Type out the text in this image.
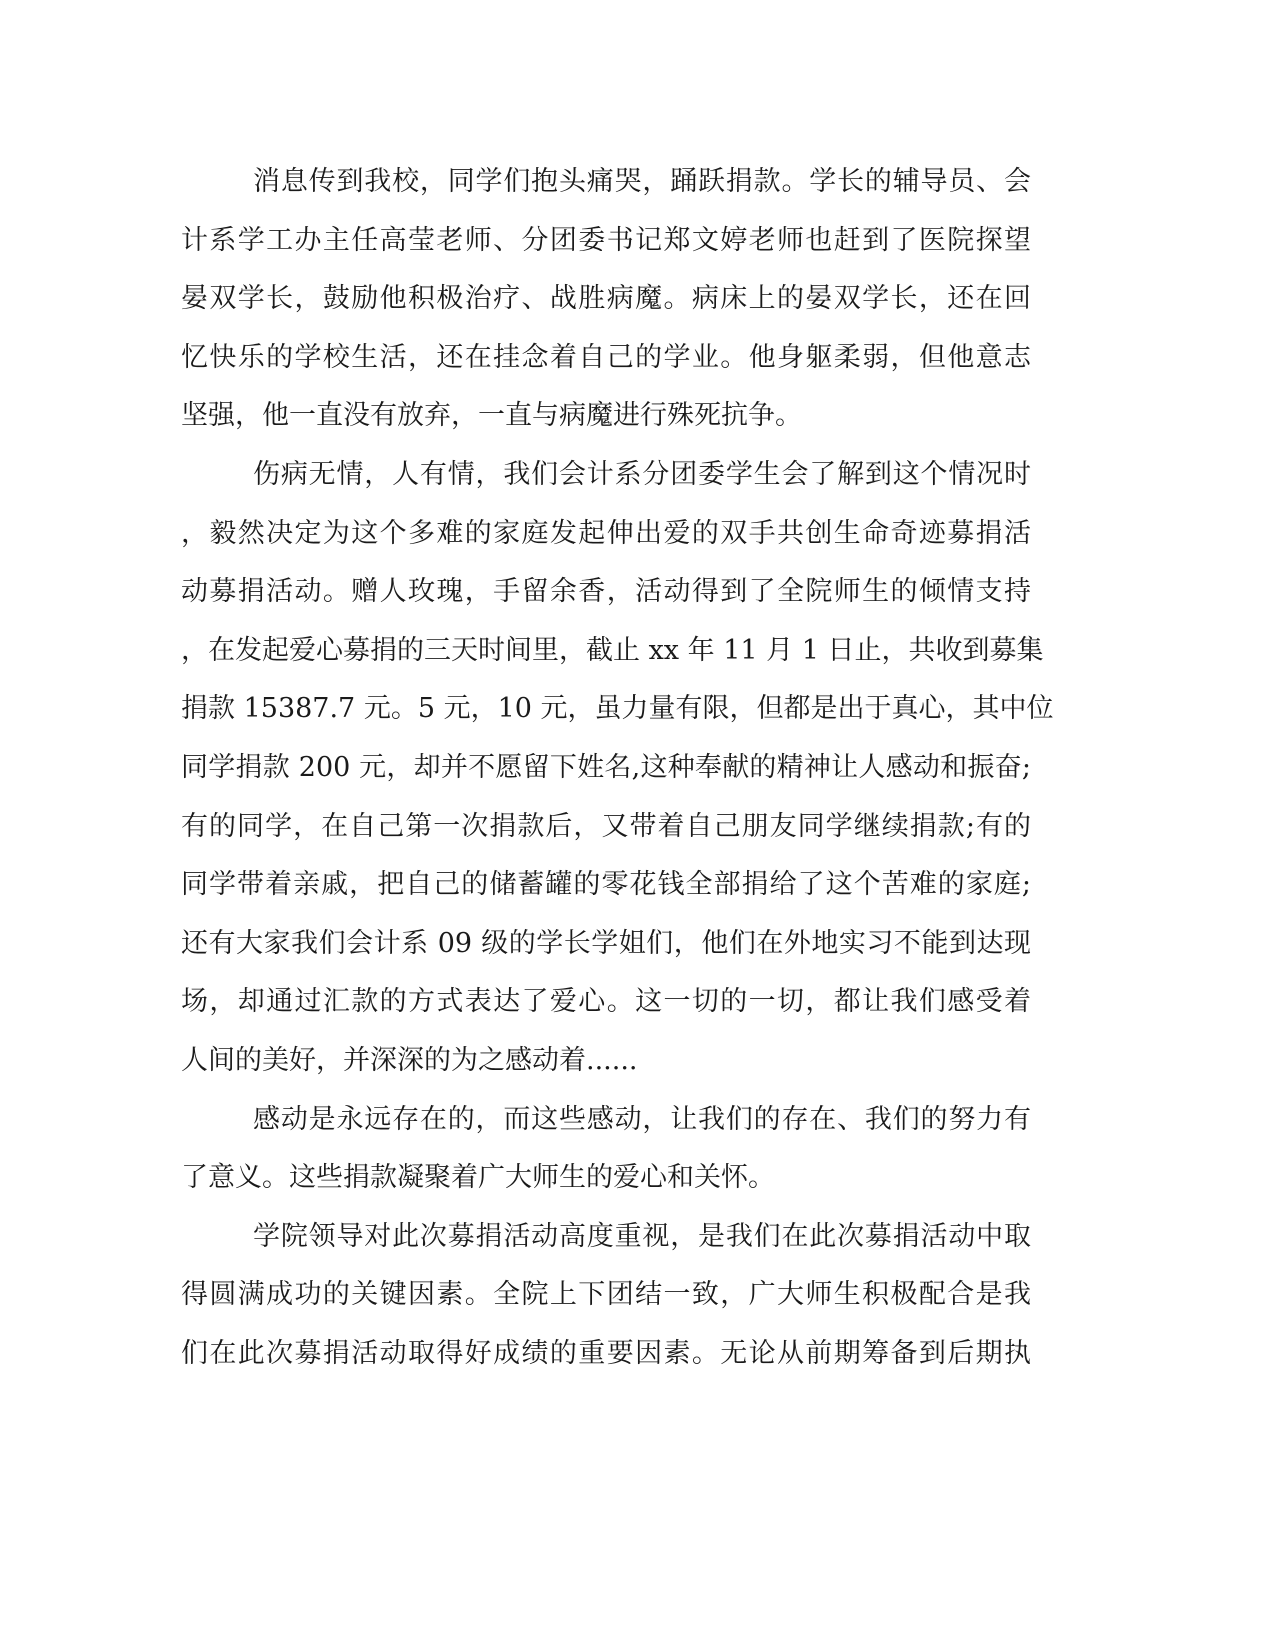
消息传到我校，同学们抱头痛哭，踊跃捐款。学长的辅导员、会
计系学工办主任高莹老师、分团委书记郑文婷老师也赶到了医院探望
晏双学长，鼓励他积极治疗、战胜病魔。病床上的晏双学长，还在回
忆快乐的学校生活，还在挂念着自己的学业。他身躯柔弱，但他意志
坚强，他一直没有放弃，一直与病魔进行殊死抗争。
伤病无情，人有情，我们会计系分团委学生会了解到这个情况时
，毅然决定为这个多难的家庭发起伸出爱的双手共创生命奇迹募捐活
动募捐活动。赠人玫瑰，手留余香，活动得到了全院师生的倾情支持
，在发起爱心募捐的三天时间里，截止 xx 年 11 月 1 日止，共收到募集
捐款 15387.7 元。5 元，10 元，虽力量有限，但都是出于真心，其中位
同学捐款 200 元，却并不愿留下姓名,这种奉献的精神让人感动和振奋;
有的同学，在自己第一次捐款后，又带着自己朋友同学继续捐款;有的
同学带着亲戚，把自己的储蓄罐的零花钱全部捐给了这个苦难的家庭;
还有大家我们会计系 09 级的学长学姐们，他们在外地实习不能到达现
场，却通过汇款的方式表达了爱心。这一切的一切，都让我们感受着
人间的美好，并深深的为之感动着......
感动是永远存在的，而这些感动，让我们的存在、我们的努力有
了意义。这些捐款凝聚着广大师生的爱心和关怀。
学院领导对此次募捐活动高度重视，是我们在此次募捐活动中取
得圆满成功的关键因素。全院上下团结一致，广大师生积极配合是我
们在此次募捐活动取得好成绩的重要因素。无论从前期筹备到后期执
